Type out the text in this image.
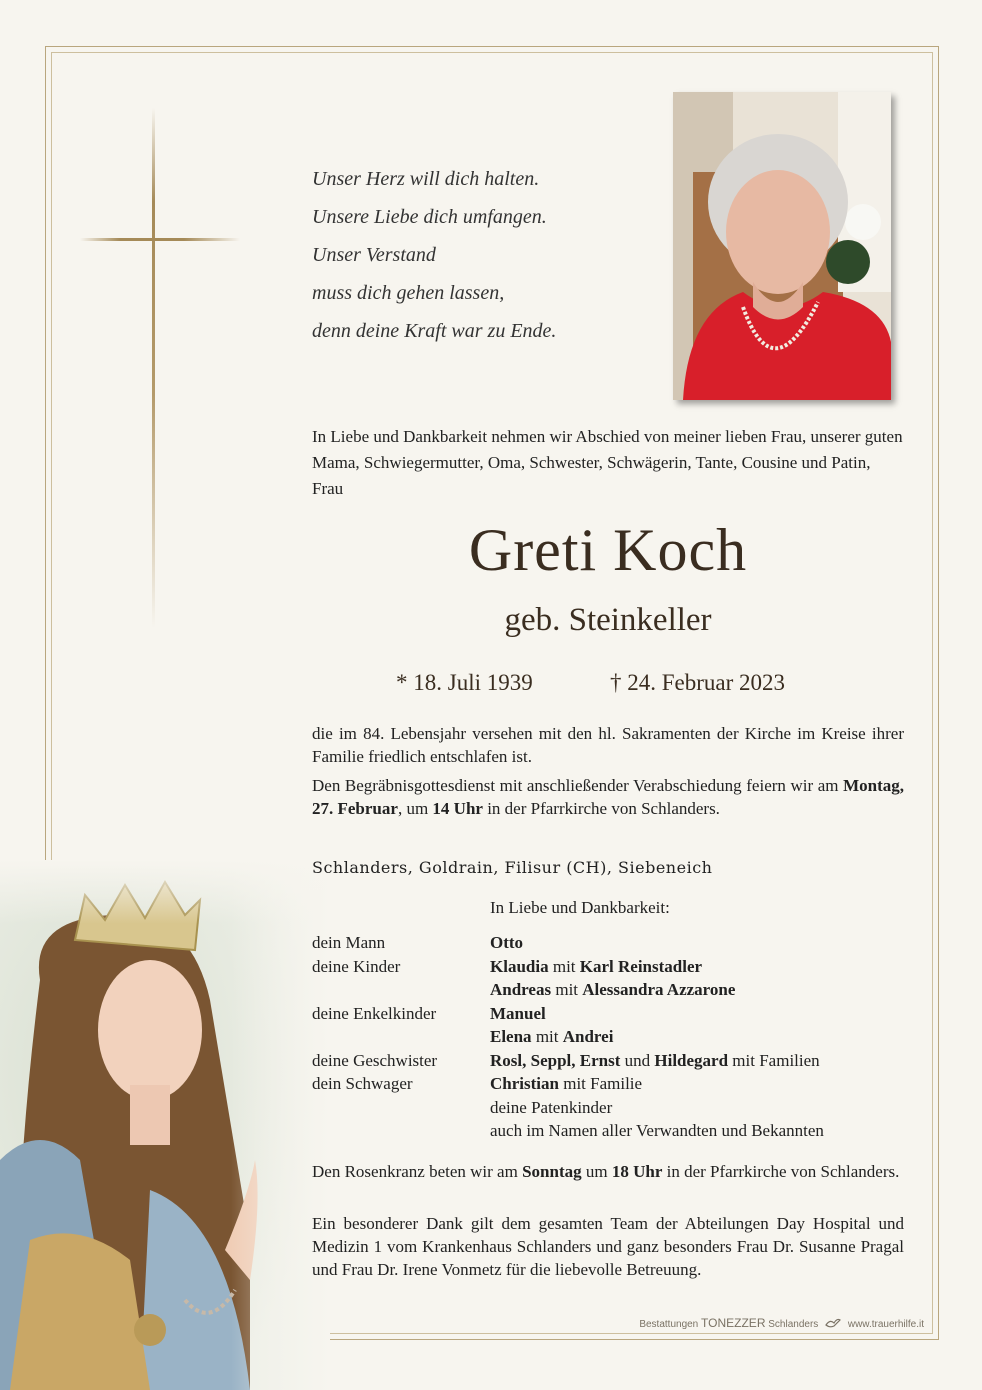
Unser Herz will dich halten.
Unsere Liebe dich umfangen.
Unser Verstand
muss dich gehen lassen,
denn deine Kraft war zu Ende.
In Liebe und Dankbarkeit nehmen wir Abschied von meiner lieben Frau, unserer guten Mama, Schwiegermutter, Oma, Schwester, Schwägerin, Tante, Cousine und Patin, Frau
Greti Koch
geb. Steinkeller
* 18. Juli 1939	† 24. Februar 2023
die im 84. Lebensjahr versehen mit den hl. Sakramenten der Kirche im Kreise ihrer Familie friedlich entschlafen ist.
Den Begräbnisgottesdienst mit anschließender Verabschiedung feiern wir am Montag, 27. Februar, um 14 Uhr in der Pfarrkirche von Schlanders.
Schlanders, Goldrain, Filisur (CH), Siebeneich
In Liebe und Dankbarkeit:
dein Mann	Otto
deine Kinder	Klaudia mit Karl Reinstadler
Andreas mit Alessandra Azzarone
deine Enkelkinder	Manuel
Elena mit Andrei
deine Geschwister	Rosl, Seppl, Ernst und Hildegard mit Familien
dein Schwager	Christian mit Familie
deine Patenkinder
auch im Namen aller Verwandten und Bekannten
Den Rosenkranz beten wir am Sonntag um 18 Uhr in der Pfarrkirche von Schlanders.
Ein besonderer Dank gilt dem gesamten Team der Abteilungen Day Hospital und Medizin 1 vom Krankenhaus Schlanders und ganz besonders Frau Dr. Susanne Pragal und Frau Dr. Irene Vonmetz für die liebevolle Betreuung.
Bestattungen TONEZZER Schlanders	www.trauerhilfe.it
